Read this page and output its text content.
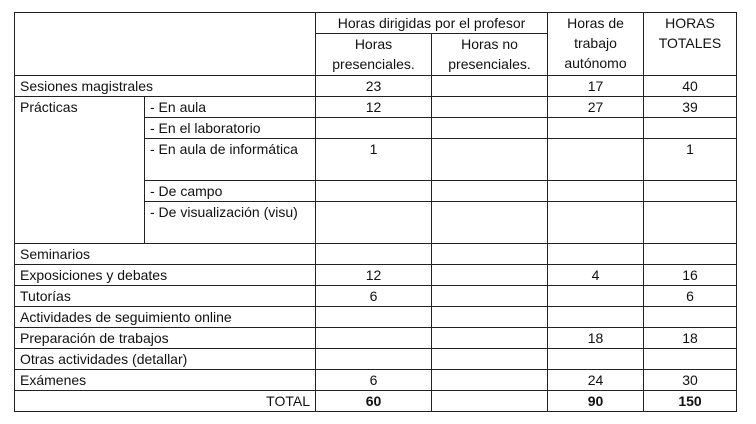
		Horas dirigidas por el profesor		Horas de trabajo autónomo	HORAS TOTALES
		Horas presenciales.	Horas no presenciales.		
Sesiones magistrales		23		17	40
Prácticas	- En aula	12		27	39
	- En el laboratorio				
	- En aula de informática	1			1
	- De campo				
	- De visualización (visu)				
Seminarios					
Exposiciones y debates		12		4	16
Tutorías		6			6
Actividades de seguimiento online					
Preparación de trabajos				18	18
Otras actividades (detallar)					
Exámenes		6		24	30
TOTAL		60		90	150
